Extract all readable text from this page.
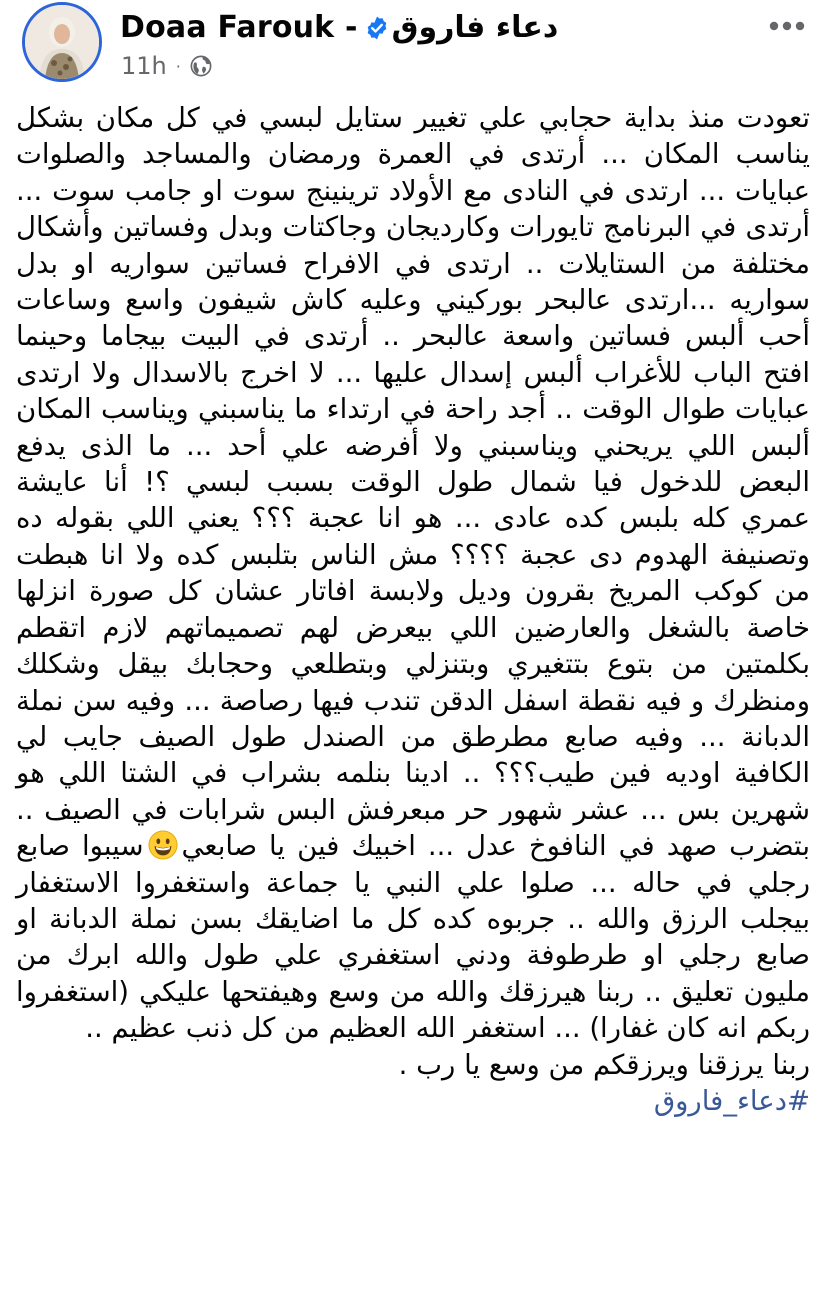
Doaa Farouk - دعاء فاروق
11h ·

تعودت منذ بداية حجابي علي تغيير ستايل لبسي في كل مكان بشكل يناسب المكان ... أرتدى في العمرة ورمضان والمساجد والصلوات عبايات ... ارتدى في النادى مع الأولاد ترينينج سوت او جامب سوت ... أرتدى في البرنامج تايورات وكارديجان وجاكتات وبدل وفساتين وأشكال مختلفة من الستايلات .. ارتدى في الافراح فساتين سواريه او بدل سواريه ...ارتدى عالبحر بوركيني وعليه كاش شيفون واسع وساعات أحب ألبس فساتين واسعة عالبحر .. أرتدى في البيت بيجاما وحينما افتح الباب للأغراب ألبس إسدال عليها ... لا اخرج بالاسدال ولا ارتدى عبايات طوال الوقت .. أجد راحة في ارتداء ما يناسبني ويناسب المكان ألبس اللي يريحني ويناسبني ولا أفرضه علي أحد ... ما الذى يدفع البعض للدخول فيا شمال طول الوقت بسبب لبسي ؟! أنا عايشة عمري كله بلبس كده عادى ... هو انا عجبة ؟؟؟ يعني اللي بقوله ده وتصنيفة الهدوم دى عجبة ؟؟؟؟ مش الناس بتلبس كده ولا انا هبطت من كوكب المريخ بقرون وديل ولابسة افاتار عشان كل صورة انزلها خاصة بالشغل والعارضين اللي بيعرض لهم تصميماتهم لازم اتقطم بكلمتين من بتوع بتتغيري وبتنزلي وبتطلعي وحجابك بيقل وشكلك ومنظرك و فيه نقطة اسفل الدقن تندب فيها رصاصة ... وفيه سن نملة الدبانة ... وفيه صابع مطرطق من الصندل طول الصيف جايب لي الكافية اوديه فين طيب؟؟؟ .. ادينا بنلمه بشراب في الشتا اللي هو شهرين بس ... عشر شهور حر مبعرفش البس شرابات في الصيف .. بتضرب صهد في النافوخ عدل ... اخبيك فين يا صابعيسيبوا صابع رجلي في حاله ... صلوا علي النبي يا جماعة واستغفروا الاستغفار بيجلب الرزق والله .. جربوه كده كل ما اضايقك بسن نملة الدبانة او صابع رجلي او طرطوفة ودني استغفري علي طول والله ابرك من مليون تعليق .. ربنا هيرزقك والله من وسع وهيفتحها عليكي (استغفروا ربكم انه كان غفارا) ... استغفر الله العظيم من كل ذنب عظيم ..

ربنا يرزقنا ويرزقكم من وسع يا رب .

#دعاء_فاروق
